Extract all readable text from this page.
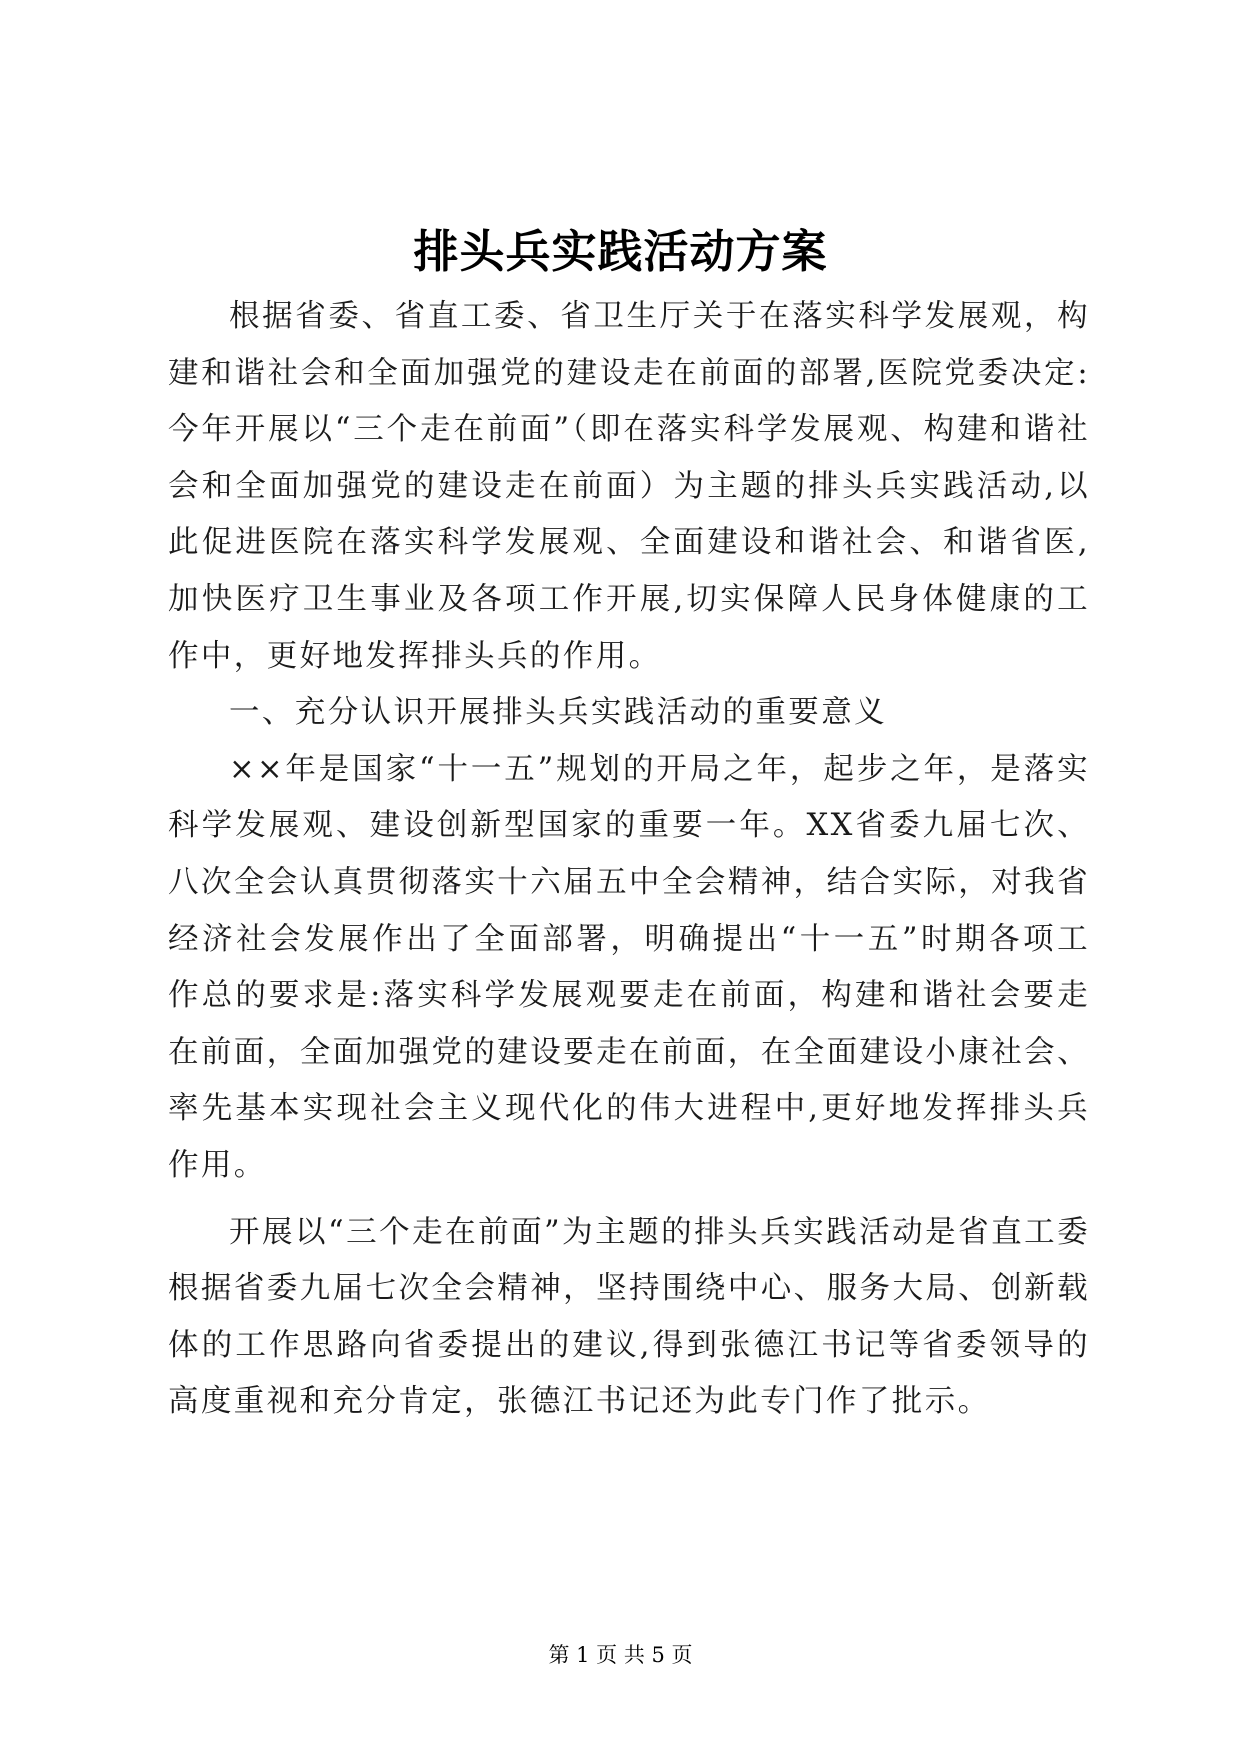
排头兵实践活动方案

根据省委、省直工委、省卫生厅关于在落实科学发展观，构建和谐社会和全面加强党的建设走在前面的部署,医院党委决定:今年开展以“三个走在前面”（即在落实科学发展观、构建和谐社会和全面加强党的建设走在前面）为主题的排头兵实践活动,以此促进医院在落实科学发展观、全面建设和谐社会、和谐省医,加快医疗卫生事业及各项工作开展,切实保障人民身体健康的工作中，更好地发挥排头兵的作用。

一、充分认识开展排头兵实践活动的重要意义

××年是国家“十一五”规划的开局之年，起步之年，是落实科学发展观、建设创新型国家的重要一年。XX省委九届七次、八次全会认真贯彻落实十六届五中全会精神，结合实际，对我省经济社会发展作出了全面部署，明确提出“十一五”时期各项工作总的要求是:落实科学发展观要走在前面，构建和谐社会要走在前面，全面加强党的建设要走在前面，在全面建设小康社会、率先基本实现社会主义现代化的伟大进程中,更好地发挥排头兵作用。

开展以“三个走在前面”为主题的排头兵实践活动是省直工委根据省委九届七次全会精神，坚持围绕中心、服务大局、创新载体的工作思路向省委提出的建议,得到张德江书记等省委领导的高度重视和充分肯定，张德江书记还为此专门作了批示。

第 1 页 共 5 页
